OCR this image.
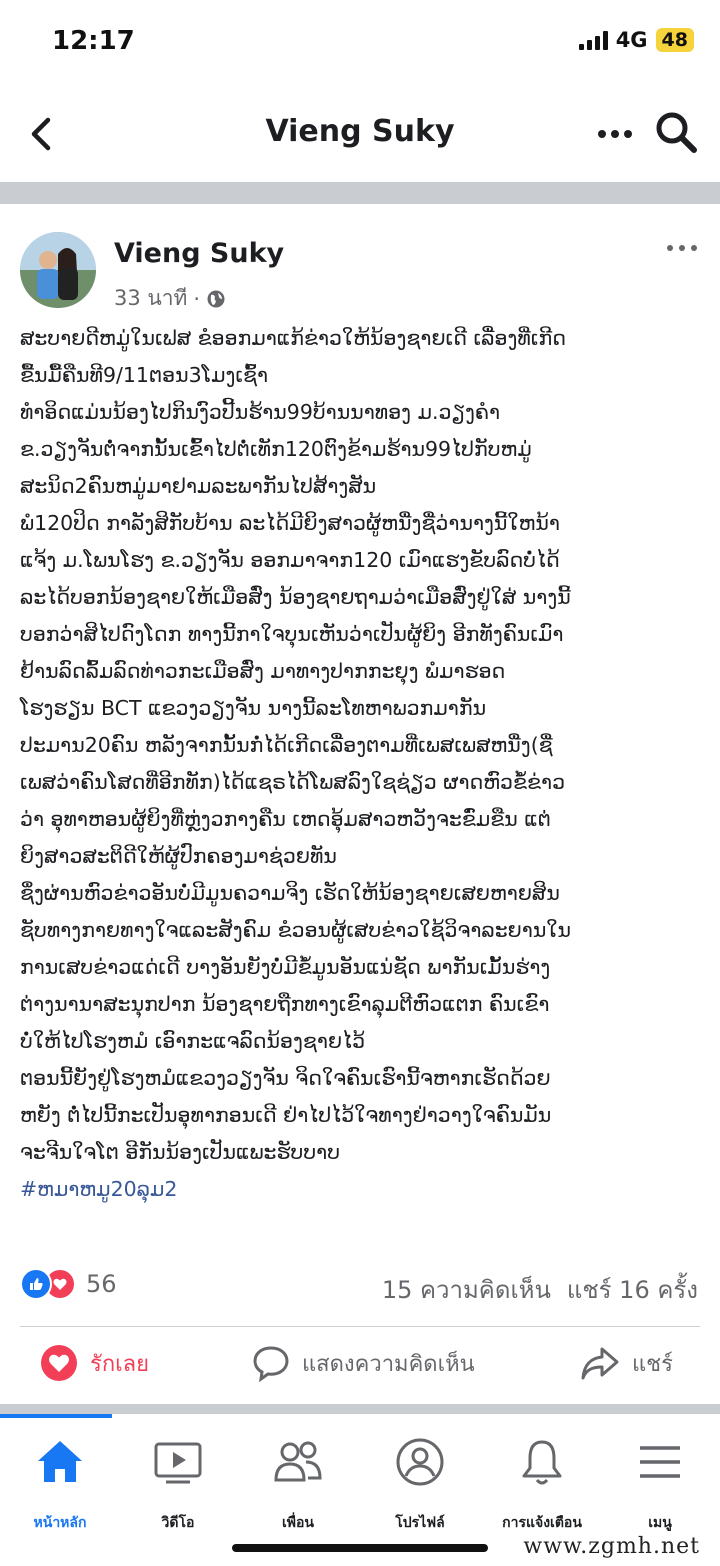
12:17	4G 48
Vieng Suky
Vieng Suky
33 นาที ·
ສະບາຍດີຫມູ່ໃນເຟສ ຂໍອອກມາແກ້ຂ່າວໃຫ້ນ້ອງຊາຍເດີ ເລື່ອງທີ່ເກີດ
ຂື້ນມື້ຄືນທີ9/11ຕອນ3ໂມງເຊົ້າ
ທຳອິດແມ່ນນ້ອງໄປກິນງົວປີ້ນຮ້ານ99ບ້ານນາທອງ ມ.ວຽງຄຳ
ຂ.ວຽງຈັນຕໍ່ຈາກນັ້ນເຂົ້າໄປຕໍ່ເທັກ120ຕົງຂ້າມຮ້ານ99ໄປກັບຫມູ່
ສະນິດ2ຄົນຫມູ່ມາຢາມລະພາກັນໄປສ້າງສັນ
ພໍ120ປິດ ກາລັງສິກັບບ້ານ ລະໄດ້ມີຍິງສາວຜູ້ຫນື່ງຊື່ວ່ານາງນີ້ໃຫນ້າ
ແຈ້ງ ມ.ໂພນໂຮງ ຂ.ວຽງຈັນ ອອກມາຈາກ120 ເມົາແຮງຂັບລົດບໍ່ໄດ້
ລະໄດ້ບອກນ້ອງຊາຍໃຫ້ເມືອສົ່ງ ນ້ອງຊາຍຖາມວ່າເມືອສົ່ງຢູ່ໃສ່ ນາງນີ້
ບອກວ່າສິໄປດົງໂດກ ທາງນີ້ກາໃຈບຸນເຫັນວ່າເປັນຜູ້ຍິງ ອີກທັງຄົນເມົາ
ຢ້ານລົດລົ້ມລົດທ່າວກະເມືອສົ່ງ ມາທາງປາກກະຍຸງ ພໍມາຮອດ
ໂຮງຮຽນ BCT ແຂວງວຽງຈັນ ນາງນີ້ລະໂທຫາພວກມາກັນ
ປະມານ20ຄົນ ຫລັງຈາກນັ້ນກໍ່ໄດ້ເກີດເລື່ອງຕາມທີ່ເພສເພສຫນື່ງ(ຊື່
ເພສວ່າຄົນໂສດທີ່ອີກທັກ)ໄດ້ແຊຣໄດ້ໂພສລົງໃຊຊ່ຽວ ຜາດຫົວຂໍ້ຂ່າວ
ວ່າ ອຸທາຫອນຜູ້ຍິງທີ່ຫຼ່ງວກາງຄືນ ເຫດອຸ້ມສາວຫວັງຈະຂົ່ມຂືນ ແຕ່
ຍິງສາວສະຕິດີໃຫ້ຜູ້ປົກຄອງມາຊ່ວຍທັນ
ຊຶ່ງຜ່ານຫົວຂ່າວອັນບໍ່ມີມູນຄວາມຈິງ ເຮັດໃຫ້ນ້ອງຊາຍເສຍຫາຍສິນ
ຊັບທາງກາຍທາງໃຈແລະສັງຄົມ ຂໍວອນຜູ້ເສບຂ່າວໃຊ້ວິຈາລະຍານໃນ
ການເສບຂ່າວແດ່ເດີ ບາງອັນຍັງບໍ່ມີຂໍ້ມູນອັນແນ່ຊັດ ພາກັນເມັ້ນຮ່າງ
ຕ່າງນານາສະນຸກປາກ ນ້ອງຊາຍຖືກທາງເຂົາລຸມຕີຫົວແຕກ ຄົນເຂົາ
ບໍ່ໃຫ້ໄປໂຮງຫມໍ ເອົາກະແຈລົດນ້ອງຊາຍໄວ້
ຕອນນີ້ຍັງຢູ່ໂຮງຫມໍແຂວງວຽງຈັນ ຈິດໃຈຄົນເຮົານີ້ຈຫາກເຮັດດ້ວຍ
ຫຍັງ ຕໍ່ໄປນີ້ກະເປັນອຸທາກອນເດີ ຢ່າໄປໄວ້ໃຈທາງຢ່າວາງໃຈຄົນມັນ
ຈະຈີນໃຈໂຕ ອີກັນນ້ອງເປັນແພະຮັບບາບ
#ຫມາຫມູ20ລຸມ2
56	15 ความคิดเห็น แชร์ 16 ครั้ง
รักเลย	แสดงความคิดเห็น	แชร์
หน้าหลัก	วิดีโอ	เพื่อน	โปรไฟล์	การแจ้งเตือน	เมนู
www.zgmh.net
